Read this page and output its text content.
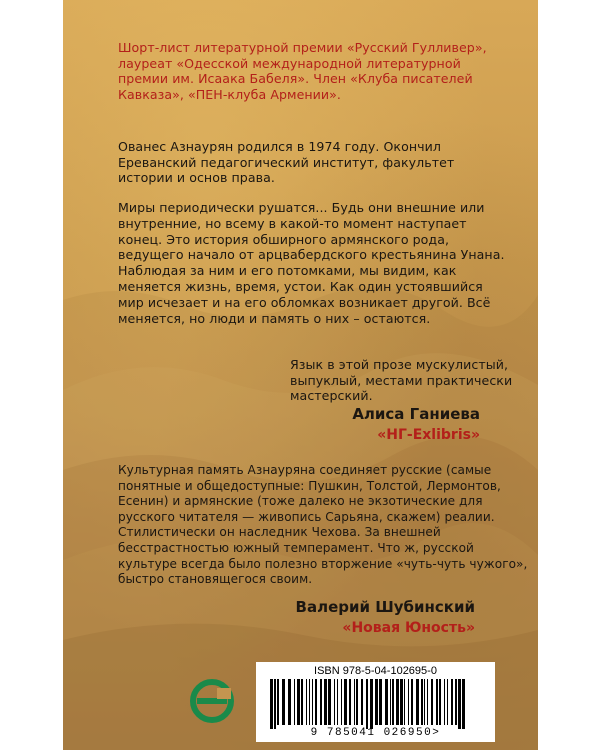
Шорт-лист литературной премии «Русский Гулливер»,
лауреат «Одесской международной литературной
премии им. Исаака Бабеля». Член «Клуба писателей
Кавказа», «ПЕН-клуба Армении».
Ованес Азнаурян родился в 1974 году. Окончил
Ереванский педагогический институт, факультет
истории и основ права.
Миры периодически рушатся... Будь они внешние или
внутренние, но всему в какой-то момент наступает
конец. Это история обширного армянского рода,
ведущего начало от арцвабердского крестьянина Унана.
Наблюдая за ним и его потомками, мы видим, как
меняется жизнь, время, устои. Как один устоявшийся
мир исчезает и на его обломках возникает другой. Всё
меняется, но люди и память о них – остаются.
Язык в этой прозе мускулистый,
выпуклый, местами практически
мастерский.
Алиса Ганиева
«НГ-Exlibris»
Культурная память Азнауряна соединяет русские (самые
понятные и общедоступные: Пушкин, Толстой, Лермонтов,
Есенин) и армянские (тоже далеко не экзотические для
русского читателя — живопись Сарьяна, скажем) реалии.
Стилистически он наследник Чехова. За внешней
бесстрастностью южный темперамент. Что ж, русской
культуре всегда было полезно вторжение «чуть-чуть чужого»,
быстро становящегося своим.
Валерий Шубинский
«Новая Юность»
ISBN 978-5-04-102695-0
9 785041 026950>
